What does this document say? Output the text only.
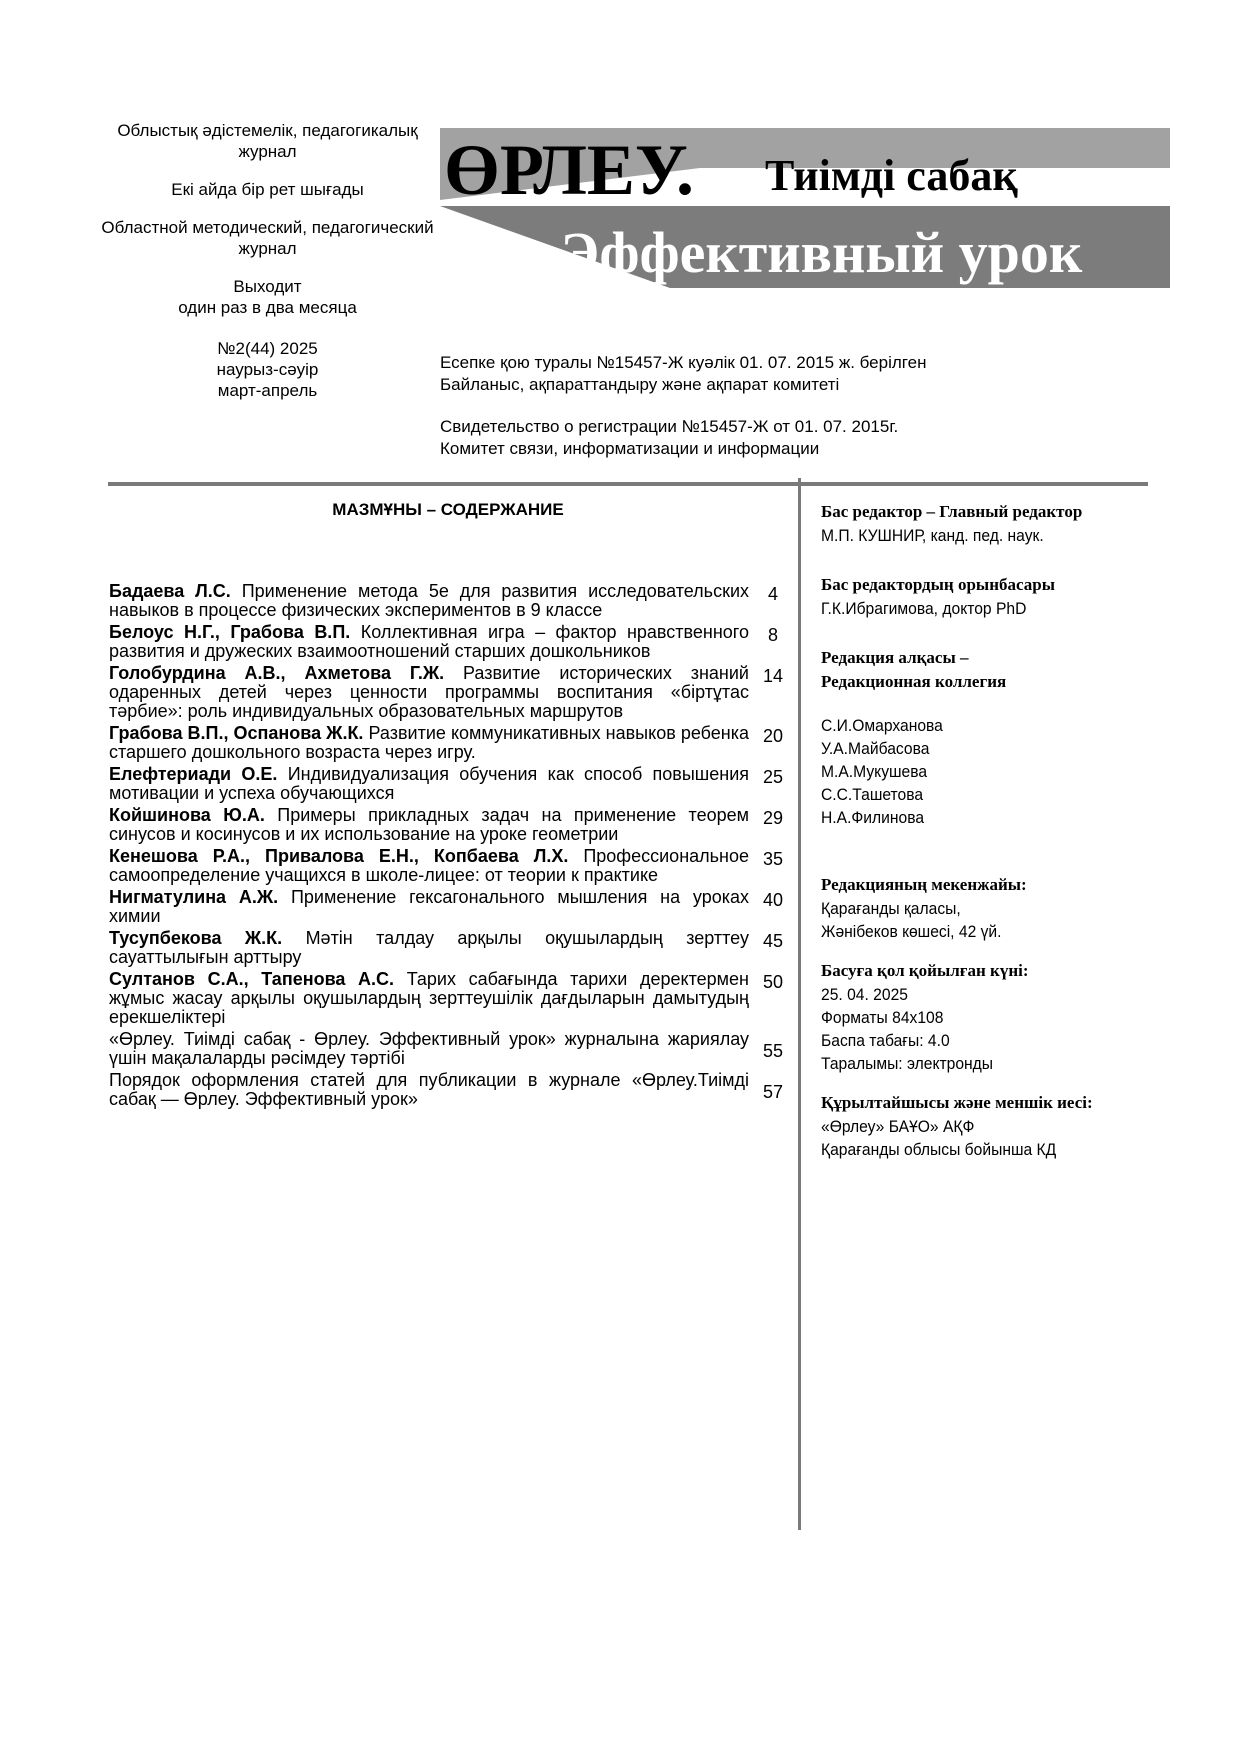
Облыстық әдістемелік, педагогикалық журнал

Екі айда бір рет шығады

Областной методический, педагогический журнал

Выходит
один раз в два месяца

№2(44) 2025
наурыз-сәуір
март-апрель

ӨРЛЕУ. Тиімді сабақ
Эффективный урок

Есепке қою туралы №15457-Ж куәлік 01. 07. 2015 ж. берілген

Байланыс, ақпараттандыру және ақпарат комитеті

Свидетельство о регистрации №15457-Ж от 01. 07. 2015г.

Комитет связи, информатизации и информации

МАЗМҰНЫ – СОДЕРЖАНИЕ
Бадаева Л.С. Применение метода 5е для развития исследовательских навыков в процессе физических экспериментов в 9 классе
4
Белоус Н.Г., Грабова В.П. Коллективная игра – фактор нравственного развития и дружеских взаимоотношений старших дошкольников
8
Голобурдина А.В., Ахметова Г.Ж. Развитие исторических знаний одаренных детей через ценности программы воспитания «біртұтас тәрбие»: роль индивидуальных образовательных маршрутов
14
Грабова В.П., Оспанова Ж.К. Развитие коммуникативных навыков ребенка старшего дошкольного возраста через игру.
20
Елефтериади О.Е. Индивидуализация обучения как способ повышения мотивации и успеха обучающихся
25
Койшинова Ю.А. Примеры прикладных задач на применение теорем синусов и косинусов и их использование на уроке геометрии
29
Кенешова Р.А., Привалова Е.Н., Копбаева Л.Х. Профессиональное самоопределение учащихся в школе-лицее: от теории к практике
35
Нигматулина А.Ж. Применение гексагонального мышления на уроках химии
40
Тусупбекова Ж.К. Мәтін талдау арқылы оқушылардың зерттеу сауаттылығын арттыру
45
Султанов С.А., Тапенова А.С. Тарих сабағында тарихи деректермен жұмыс жасау арқылы оқушылардың зерттеушілік дағдыларын дамытудың ерекшеліктері
50
«Өрлеу. Тиімді сабақ - Өрлеу. Эффективный урок» журналына жариялау үшін мақалаларды рәсімдеу тәртібі	55
Порядок оформления статей для публикации в журнале «Өрлеу.Тиімді сабақ — Өрлеу. Эффективный урок»	57
Бас редактор – Главный редактор
М.П. КУШНИР, канд. пед. наук.
Бас редактордың орынбасары
Г.К.Ибрагимова, доктор PhD
Редакция алқасы –
Редакционная коллегия
С.И.Омарханова
У.А.Майбасова
М.А.Мукушева
С.С.Ташетова
Н.А.Филинова
Редакцияның мекенжайы:
Қарағанды қаласы,
Жәнібеков көшесі, 42 үй.
Басуға қол қойылған күні:
25. 04. 2025
Форматы 84х108
Баспа табағы: 4.0
Таралымы: электронды
Құрылтайшысы және меншік иесі:
«Өрлеу» БАҰО» АҚФ
Қарағанды облысы бойынша КД
